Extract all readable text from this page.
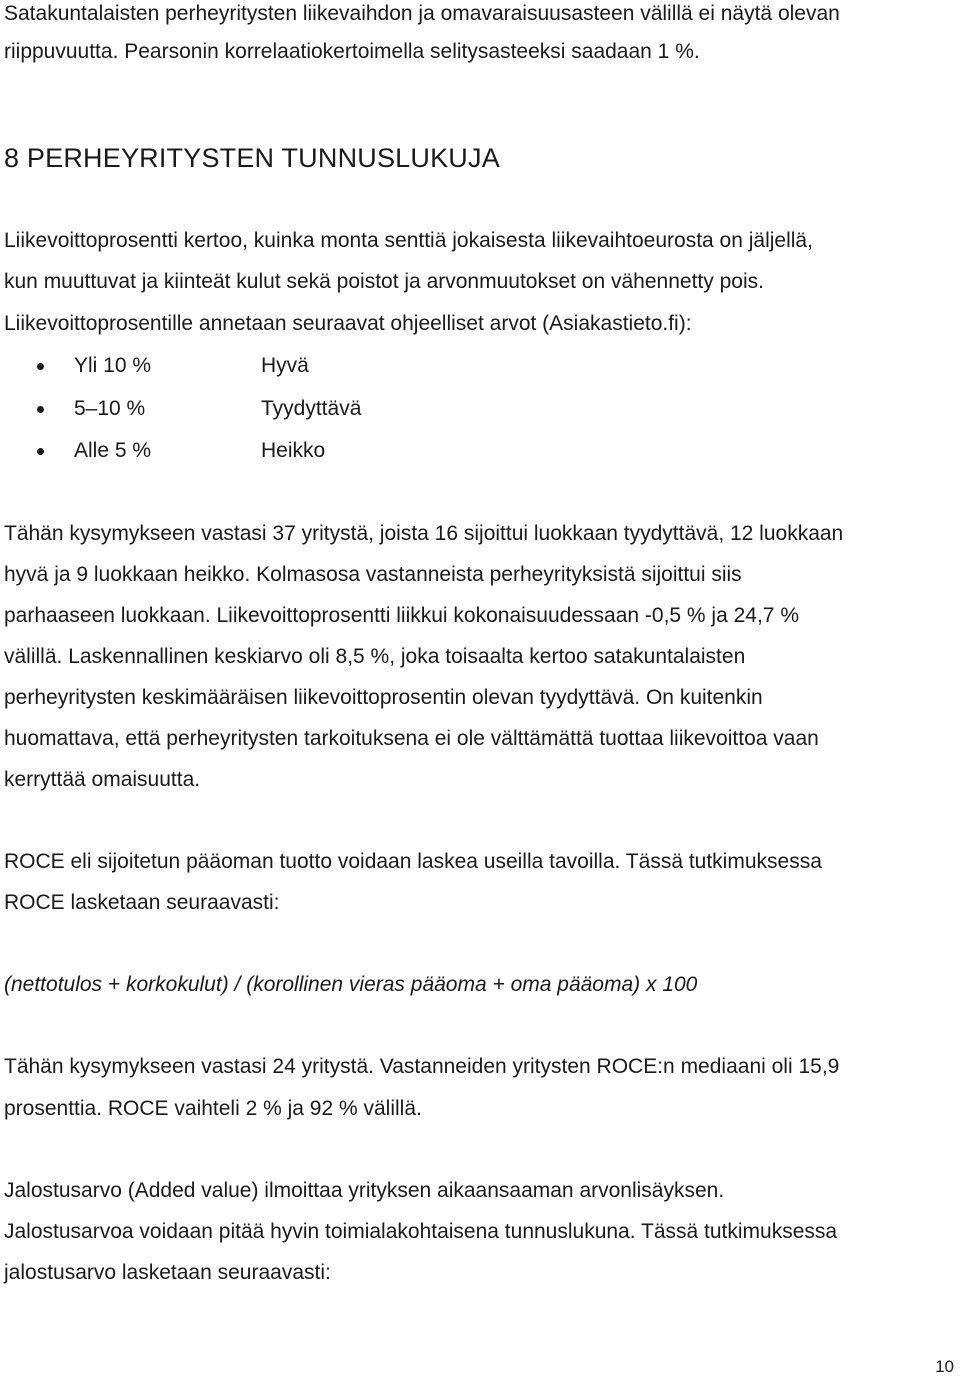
Satakuntalaisten perheyritysten liikevaihdon ja omavaraisuusasteen välillä ei näytä olevan

riippuvuutta. Pearsonin korrelaatiokertoimella selitysasteeksi saadaan 1 %.

8 PERHEYRITYSTEN TUNNUSLUKUJA

Liikevoittoprosentti kertoo, kuinka monta senttiä jokaisesta liikevaihtoeurosta on jäljellä,

kun muuttuvat ja kiinteät kulut sekä poistot ja arvonmuutokset on vähennetty pois.

Liikevoittoprosentille annetaan seuraavat ohjeelliset arvot (Asiakastieto.fi):

Yli 10 %	Hyvä
5–10 %	Tyydyttävä
Alle 5 %	Heikko

Tähän kysymykseen vastasi 37 yritystä, joista 16 sijoittui luokkaan tyydyttävä, 12 luokkaan

hyvä ja 9 luokkaan heikko. Kolmasosa vastanneista perheyrityksistä sijoittui siis

parhaaseen luokkaan. Liikevoittoprosentti liikkui kokonaisuudessaan -0,5 % ja 24,7 %

välillä. Laskennallinen keskiarvo oli 8,5 %, joka toisaalta kertoo satakuntalaisten

perheyritysten keskimääräisen liikevoittoprosentin olevan tyydyttävä. On kuitenkin

huomattava, että perheyritysten tarkoituksena ei ole välttämättä tuottaa liikevoittoa vaan

kerryttää omaisuutta.

ROCE eli sijoitetun pääoman tuotto voidaan laskea useilla tavoilla. Tässä tutkimuksessa

ROCE lasketaan seuraavasti:

(nettotulos + korkokulut) / (korollinen vieras pääoma + oma pääoma) x 100

Tähän kysymykseen vastasi 24 yritystä. Vastanneiden yritysten ROCE:n mediaani oli 15,9

prosenttia. ROCE vaihteli 2 % ja 92 % välillä.

Jalostusarvo (Added value) ilmoittaa yrityksen aikaansaaman arvonlisäyksen.

Jalostusarvoa voidaan pitää hyvin toimialakohtaisena tunnuslukuna. Tässä tutkimuksessa

jalostusarvo lasketaan seuraavasti:

10
